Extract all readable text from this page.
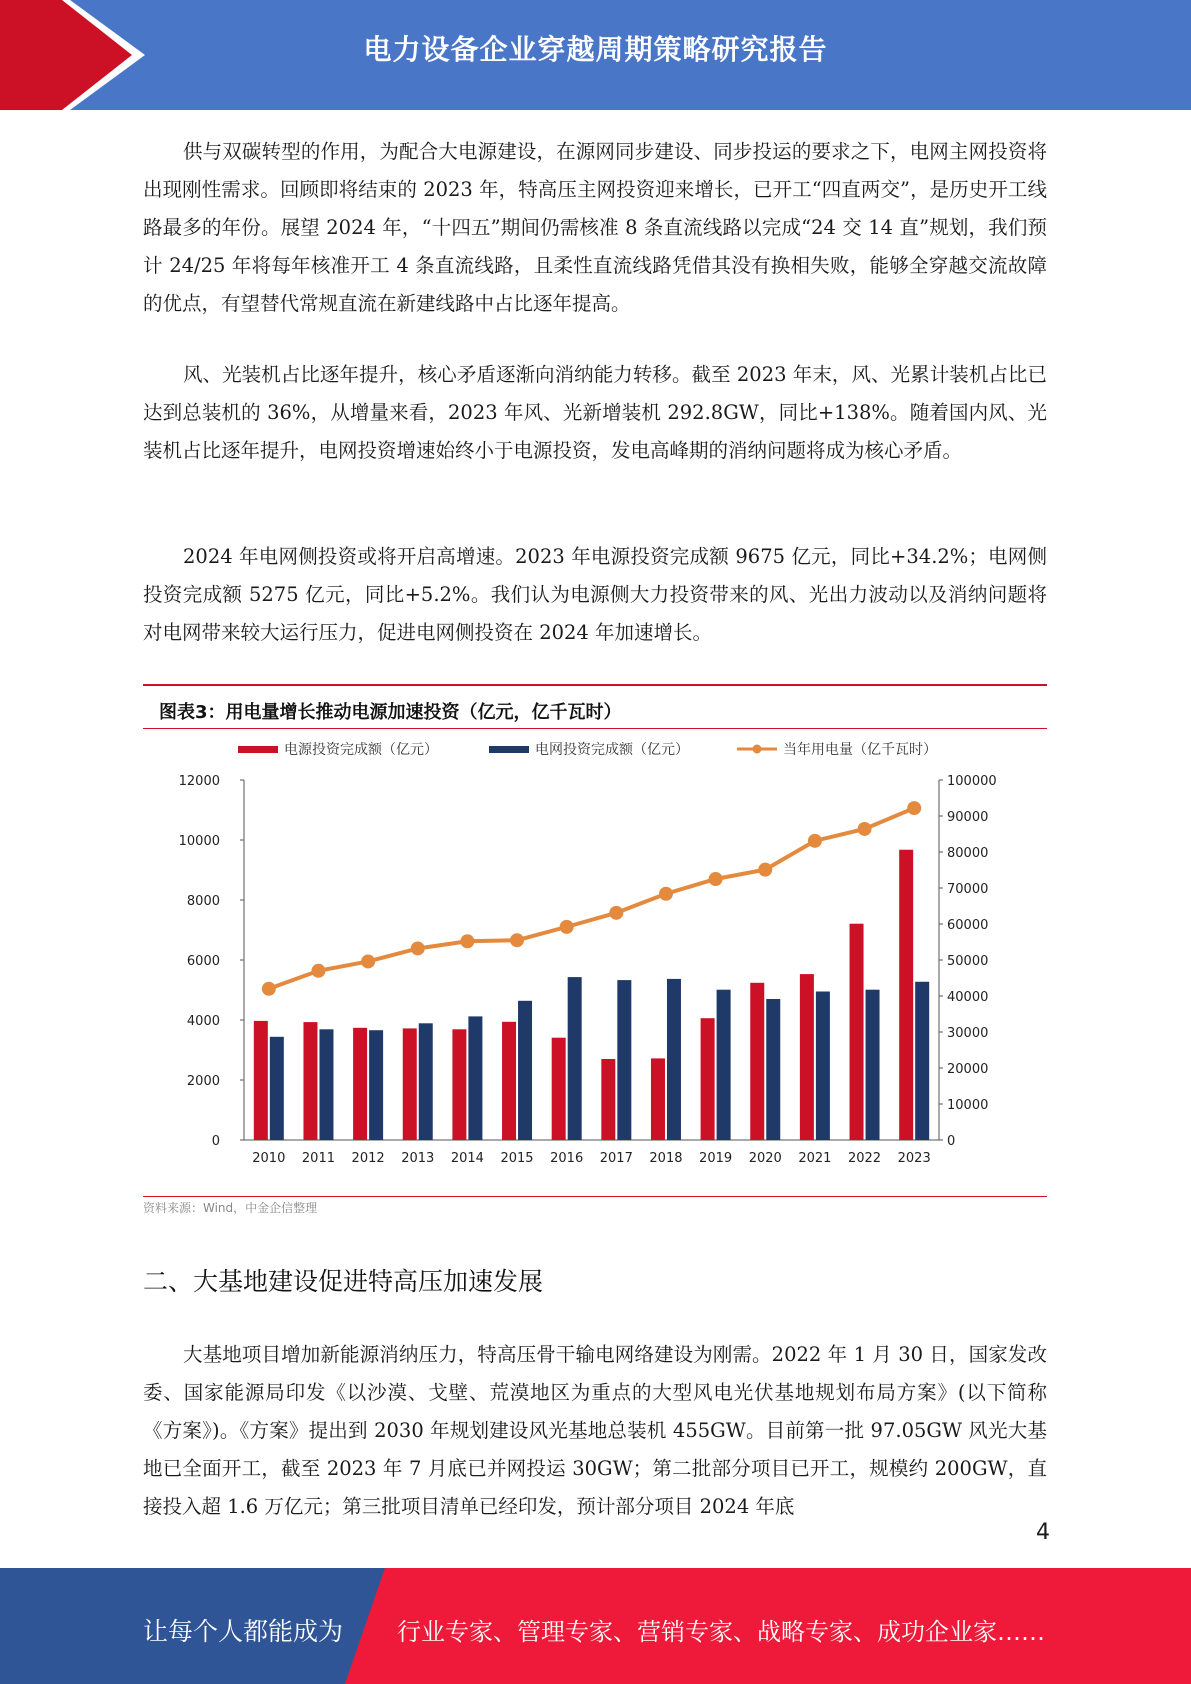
电力设备企业穿越周期策略研究报告

供与双碳转型的作用，为配合大电源建设，在源网同步建设、同步投运的要求之下，电网主网投资将出现刚性需求。回顾即将结束的 2023 年，特高压主网投资迎来增长，已开工“四直两交”，是历史开工线路最多的年份。展望 2024 年，“十四五”期间仍需核准 8 条直流线路以完成“24 交 14 直”规划，我们预计 24/25 年将每年核准开工 4 条直流线路，且柔性直流线路凭借其没有换相失败，能够全穿越交流故障的优点，有望替代常规直流在新建线路中占比逐年提高。

风、光装机占比逐年提升，核心矛盾逐渐向消纳能力转移。截至 2023 年末，风、光累计装机占比已达到总装机的 36%，从增量来看，2023 年风、光新增装机 292.8GW，同比+138%。随着国内风、光装机占比逐年提升，电网投资增速始终小于电源投资，发电高峰期的消纳问题将成为核心矛盾。

2024 年电网侧投资或将开启高增速。2023 年电源投资完成额 9675 亿元，同比+34.2%；电网侧投资完成额 5275 亿元，同比+5.2%。我们认为电源侧大力投资带来的风、光出力波动以及消纳问题将对电网带来较大运行压力，促进电网侧投资在 2024 年加速增长。

图表3：用电量增长推动电源加速投资（亿元，亿千瓦时）
电源投资完成额（亿元）	电网投资完成额（亿元）	当年用电量（亿千瓦时）
0
2000
4000
6000
8000
10000
12000
0
10000
20000
30000
40000
50000
60000
70000
80000
90000
100000
2010 2011 2012 2013 2014 2015 2016 2017 2018 2019 2020 2021 2022 2023
资料来源：Wind，中金企信整理
二、大基地建设促进特高压加速发展

大基地项目增加新能源消纳压力，特高压骨干输电网络建设为刚需。2022 年 1 月 30 日，国家发改委、国家能源局印发《以沙漠、戈壁、荒漠地区为重点的大型风电光伏基地规划布局方案》(以下简称《方案》)。《方案》提出到 2030 年规划建设风光基地总装机 455GW。目前第一批 97.05GW 风光大基地已全面开工，截至 2023 年 7 月底已并网投运 30GW；第二批部分项目已开工，规模约 200GW，直接投入超 1.6 万亿元；第三批项目清单已经印发，预计部分项目 2024 年底

4
让每个人都能成为 行业专家、管理专家、营销专家、战略专家、成功企业家……
